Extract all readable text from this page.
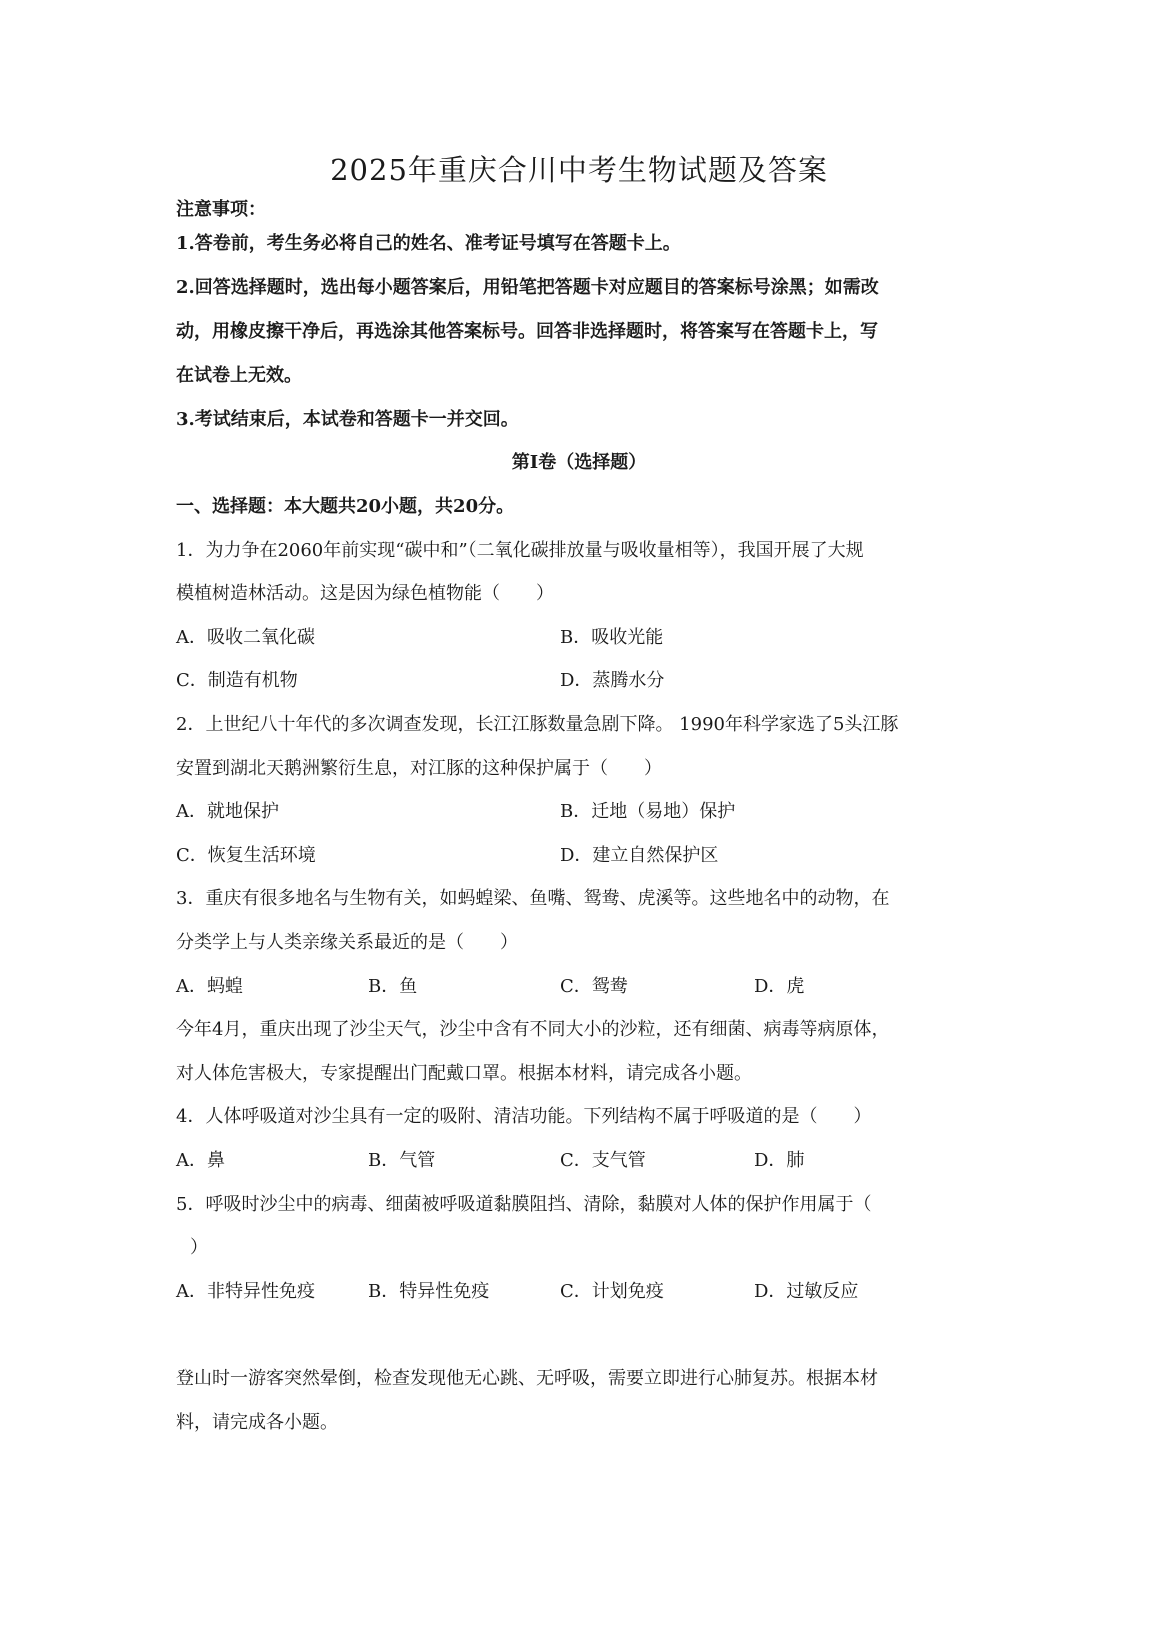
2025年重庆合川中考生物试题及答案
注意事项：
1.答卷前，考生务必将自己的姓名、准考证号填写在答题卡上。
2.回答选择题时，选出每小题答案后，用铅笔把答题卡对应题目的答案标号涂黑；如需改
动，用橡皮擦干净后，再选涂其他答案标号。回答非选择题时，将答案写在答题卡上，写
在试卷上无效。
3.考试结束后，本试卷和答题卡一并交回。
第I卷（选择题）
一、选择题：本大题共20小题，共20分。
1．为力争在2060年前实现“碳中和”（二氧化碳排放量与吸收量相等），我国开展了大规
模植树造林活动。这是因为绿色植物能（　　）
A．吸收二氧化碳	B．吸收光能
C．制造有机物	D．蒸腾水分
2．上世纪八十年代的多次调查发现，长江江豚数量急剧下降。 1990年科学家选了5头江豚
安置到湖北天鹅洲繁衍生息，对江豚的这种保护属于（　　）
A．就地保护	B．迁地（易地）保护
C．恢复生活环境	D．建立自然保护区
3．重庆有很多地名与生物有关，如蚂蝗梁、鱼嘴、鸳鸯、虎溪等。这些地名中的动物，在
分类学上与人类亲缘关系最近的是（　　）
A．蚂蝗	B．鱼	C．鸳鸯	D．虎
今年4月，重庆出现了沙尘天气，沙尘中含有不同大小的沙粒，还有细菌、病毒等病原体，
对人体危害极大，专家提醒出门配戴口罩。根据本材料，请完成各小题。
4．人体呼吸道对沙尘具有一定的吸附、清洁功能。下列结构不属于呼吸道的是（　　）
A．鼻	B．气管	C．支气管	D．肺
5．呼吸时沙尘中的病毒、细菌被呼吸道黏膜阻挡、清除，黏膜对人体的保护作用属于（
）
A．非特异性免疫	B．特异性免疫	C．计划免疫	D．过敏反应
登山时一游客突然晕倒，检查发现他无心跳、无呼吸，需要立即进行心肺复苏。根据本材
料，请完成各小题。
